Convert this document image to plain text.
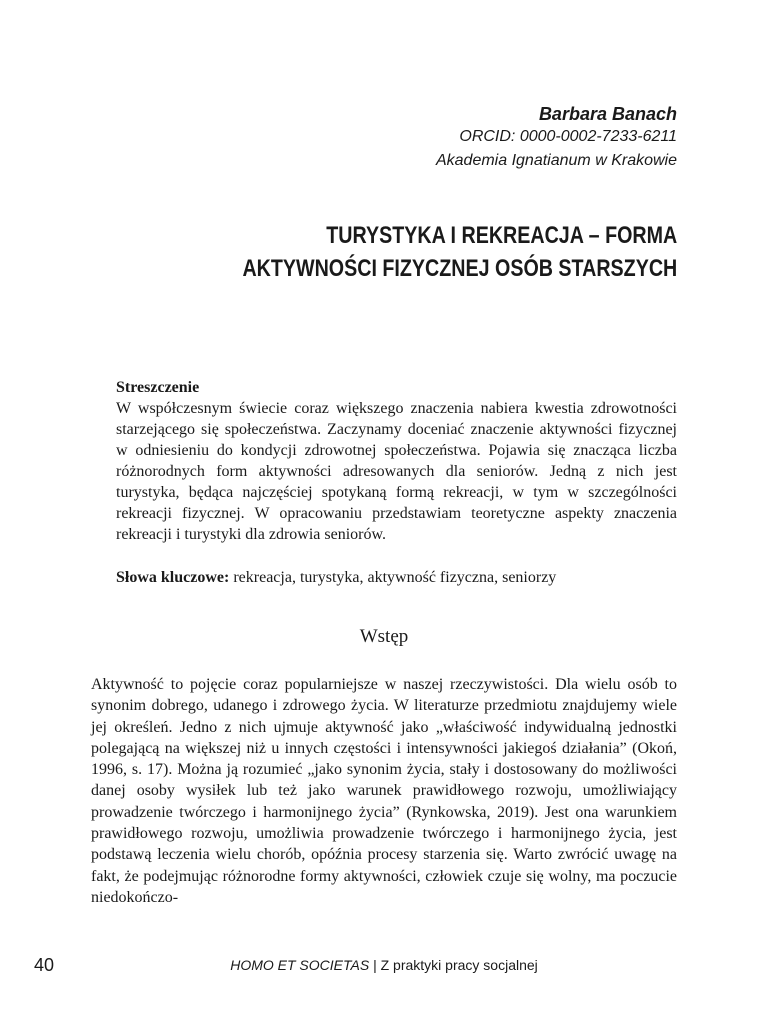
Barbara Banach
ORCID: 0000-0002-7233-6211
Akademia Ignatianum w Krakowie
TURYSTYKA I REKREACJA – FORMA
AKTYWNOŚCI FIZYCZNEJ OSÓB STARSZYCH
Streszczenie
W współczesnym świecie coraz większego znaczenia nabiera kwestia zdrowotności starzejącego się społeczeństwa. Zaczynamy doceniać znaczenie aktywności fizycznej w odniesieniu do kondycji zdrowotnej społeczeństwa. Pojawia się znacząca liczba różnorodnych form aktywności adresowanych dla seniorów. Jedną z nich jest turystyka, będąca najczęściej spotykaną formą rekreacji, w tym w szczególności rekreacji fizycznej. W opracowaniu przedstawiam teoretyczne aspekty znaczenia rekreacji i turystyki dla zdrowia seniorów.
Słowa kluczowe: rekreacja, turystyka, aktywność fizyczna, seniorzy
Wstęp
Aktywność to pojęcie coraz popularniejsze w naszej rzeczywistości. Dla wielu osób to synonim dobrego, udanego i zdrowego życia. W literaturze przedmiotu znajdujemy wiele jej określeń. Jedno z nich ujmuje aktywność jako „właściwość indywidualną jednostki polegającą na większej niż u innych częstości i intensywności jakiegoś działania” (Okoń, 1996, s. 17). Można ją rozumieć „jako synonim życia, stały i dostosowany do możliwości danej osoby wysiłek lub też jako warunek prawidłowego rozwoju, umożliwiający prowadzenie twórczego i harmonijnego życia” (Rynkowska, 2019). Jest ona warunkiem prawidłowego rozwoju, umożliwia prowadzenie twórczego i harmonijnego życia, jest podstawą leczenia wielu chorób, opóźnia procesy starzenia się. Warto zwrócić uwagę na fakt, że podejmując różnorodne formy aktywności, człowiek czuje się wolny, ma poczucie niedokończo-
40	HOMO ET SOCIETAS | Z praktyki pracy socjalnej
